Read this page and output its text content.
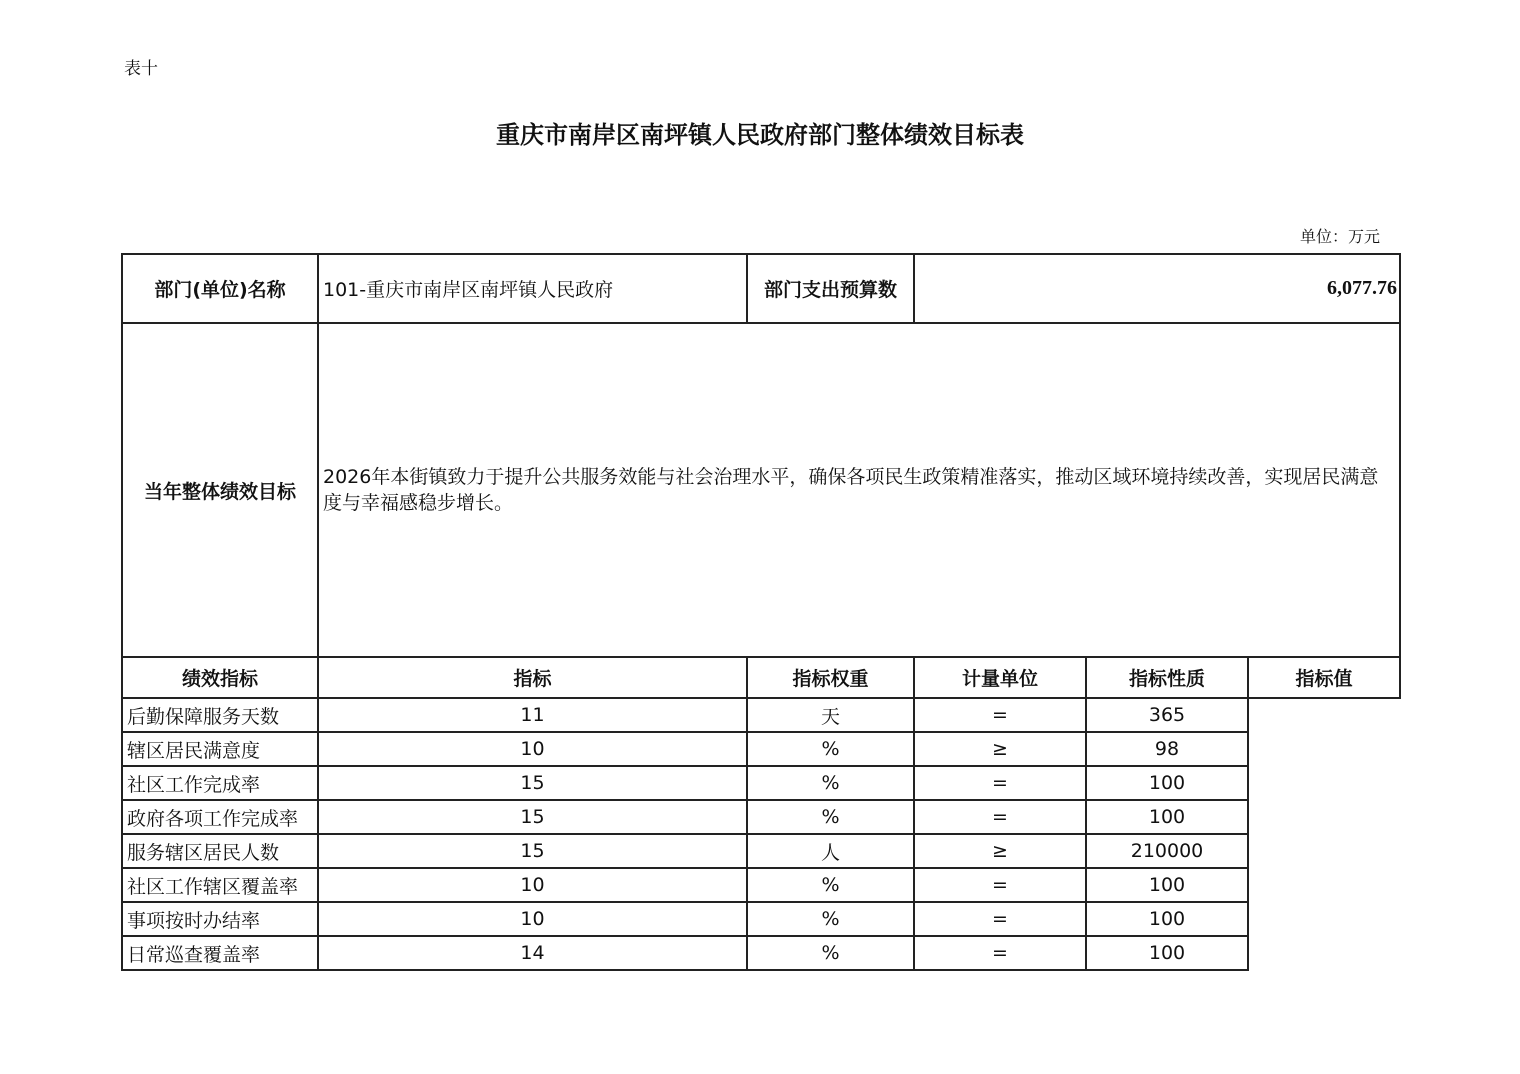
表十
重庆市南岸区南坪镇人民政府部门整体绩效目标表
单位：万元
部门(单位)名称	101-重庆市南岸区南坪镇人民政府	部门支出预算数	6,077.76		
当年整体绩效目标	2026年本街镇致力于提升公共服务效能与社会治理水平，确保各项民生政策精准落实，推动区域环境持续改善，实现居民满意度与幸福感稳步增长。				
绩效指标	指标	指标权重	计量单位	指标性质	指标值
后勤保障服务天数	11	天	=	365	
辖区居民满意度	10	%	≥	98	
社区工作完成率	15	%	=	100	
政府各项工作完成率	15	%	=	100	
服务辖区居民人数	15	人	≥	210000	
社区工作辖区覆盖率	10	%	=	100	
事项按时办结率	10	%	=	100	
日常巡查覆盖率	14	%	=	100	
